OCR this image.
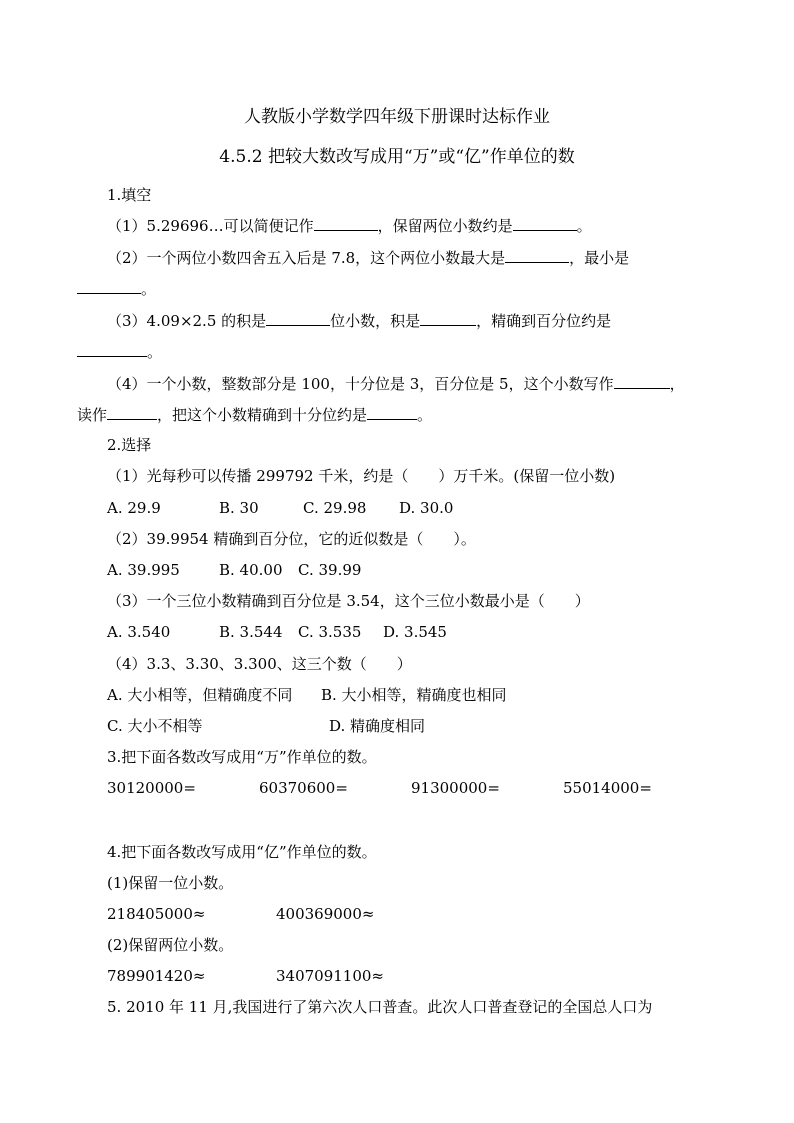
人教版小学数学四年级下册课时达标作业
4.5.2 把较大数改写成用“万”或“亿”作单位的数
1.填空
（1）5.29696…可以简便记作	，保留两位小数约是	。
（2）一个两位小数四舍五入后是 7.8，这个两位小数最大是	，最小是
。
（3）4.09×2.5 的积是	位小数，积是	，精确到百分位约是
。
（4）一个小数，整数部分是 100，十分位是 3，百分位是 5，这个小数写作	，
读作	，把这个小数精确到十分位约是	。
2.选择
（1）光每秒可以传播 299792 千米，约是（　　）万千米。(保留一位小数)
A. 29.9	B. 30	C. 29.98 D. 30.0
（2）39.9954 精确到百分位，它的近似数是（　　）。
A. 39.995	B. 40.00 C. 39.99
（3）一个三位小数精确到百分位是 3.54，这个三位小数最小是（　　）
A. 3.540	B. 3.544 C. 3.535 D. 3.545
（4）3.3、3.30、3.300、这三个数（　　）
A. 大小相等，但精确度不同 B. 大小相等，精确度也相同
C. 大小不相等	D. 精确度相同
3.把下面各数改写成用“万”作单位的数。
30120000=	60370600=	91300000=	55014000=
4.把下面各数改写成用“亿”作单位的数。
(1)保留一位小数。
218405000≈	400369000≈
(2)保留两位小数。
789901420≈	3407091100≈
5. 2010 年 11 月,我国进行了第六次人口普查。此次人口普查登记的全国总人口为
